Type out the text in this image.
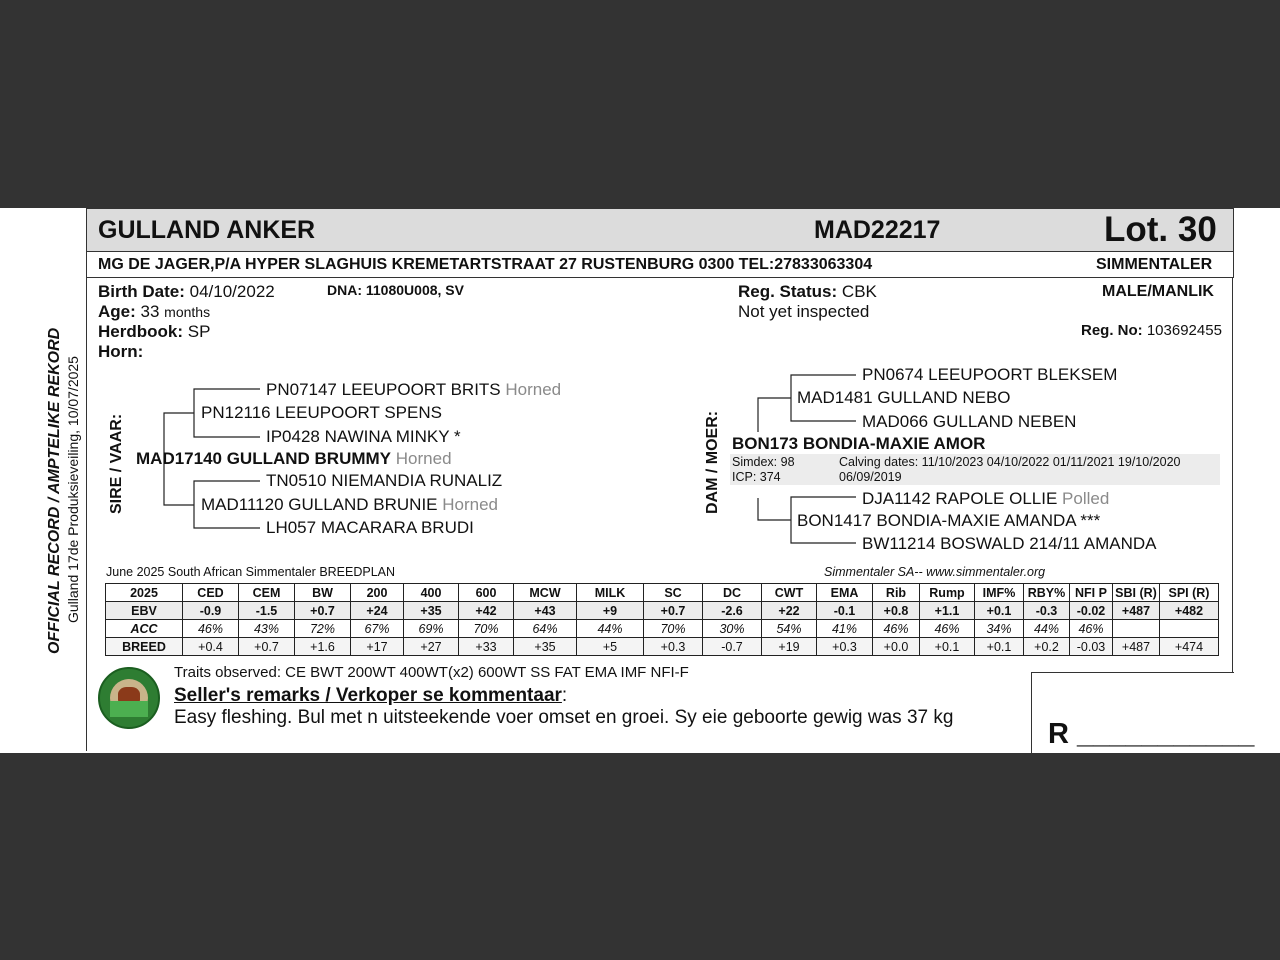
GULLAND ANKER	MAD22217	Lot. 30
MG DE JAGER,P/A HYPER SLAGHUIS KREMETARTSTRAAT 27 RUSTENBURG 0300 TEL:27833063304	SIMMENTALER
Birth Date: 04/10/2022	DNA: 11080U008, SV
Age: 33 months
Herdbook: SP
Horn:
Reg. Status: CBK
Not yet inspected
MALE/MANLIK
Reg. No: 103692455
OFFICIAL RECORD / AMPTELIKE REKORD Gulland 17de Produksieveiling, 10/07/2025 SIRE / VAAR:
PN07147 LEEUPOORT BRITS Horned
PN12116 LEEUPOORT SPENS
IP0428 NAWINA MINKY *
MAD17140 GULLAND BRUMMY Horned
TN0510 NIEMANDIA RUNALIZ
MAD11120 GULLAND BRUNIE Horned
LH057 MACARARA BRUDI
DAM / MOER:
PN0674 LEEUPOORT BLEKSEM
MAD1481 GULLAND NEBO
MAD066 GULLAND NEBEN
BON173 BONDIA-MAXIE AMOR
Simdex: 98
ICP: 374
Calving dates: 11/10/2023 04/10/2022 01/11/2021 19/10/2020
06/09/2019
DJA1142 RAPOLE OLLIE Polled
BON1417 BONDIA-MAXIE AMANDA ***
BW11214 BOSWALD 214/11 AMANDA
June 2025 South African Simmentaler BREEDPLAN	Simmentaler SA-- www.simmentaler.org
2025	CED	CEM	BW	200	400	600	MCW	MILK	SC	DC	CWT	EMA	Rib	Rump	IMF%	RBY%	NFI P	SBI (R)	SPI (R)
EBV	-0.9	-1.5	+0.7	+24	+35	+42	+43	+9	+0.7	-2.6	+22	-0.1	+0.8	+1.1	+0.1	-0.3	-0.02	+487	+482
ACC	46%	43%	72%	67%	69%	70%	64%	44%	70%	30%	54%	41%	46%	46%	34%	44%	46%		
BREED	+0.4	+0.7	+1.6	+17	+27	+33	+35	+5	+0.3	-0.7	+19	+0.3	+0.0	+0.1	+0.1	+0.2	-0.03	+487	+474
Traits observed: CE BWT 200WT 400WT(x2) 600WT SS FAT EMA IMF NFI-F
Seller's remarks / Verkoper se kommentaar:
Easy fleshing. Bul met n uitsteekende voer omset en groei. Sy eie geboorte gewig was 37 kg
R ___________
